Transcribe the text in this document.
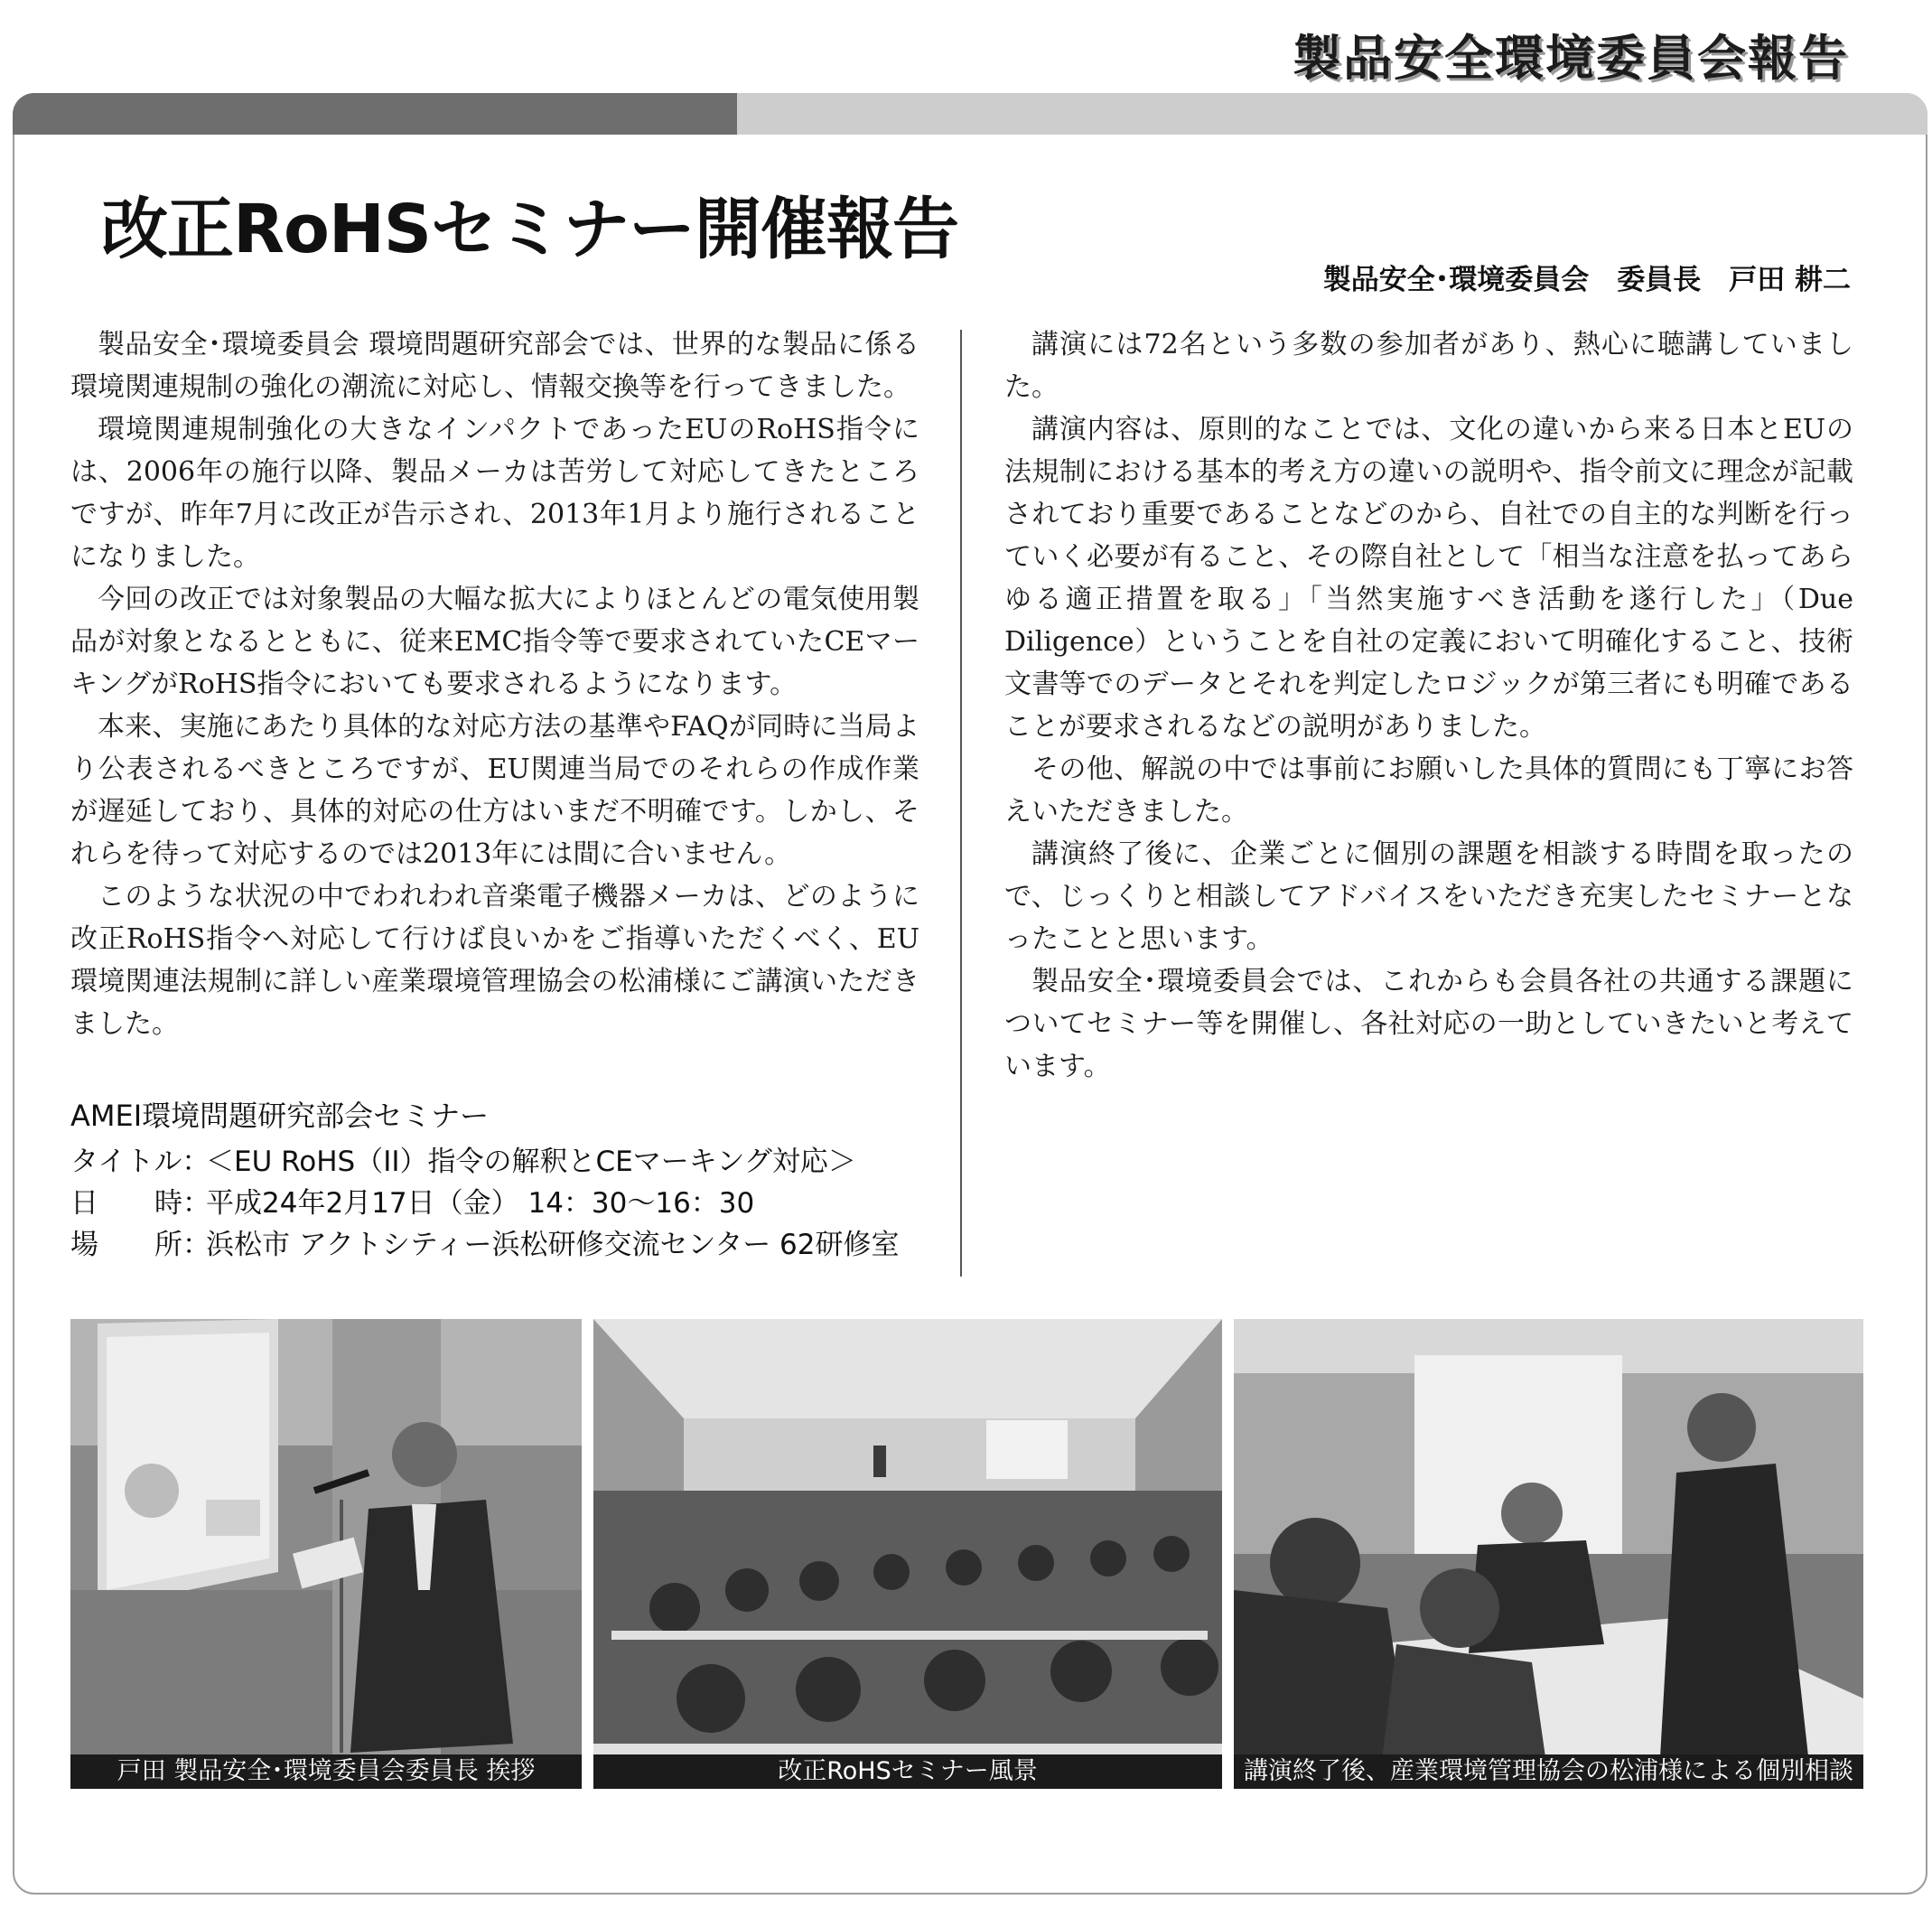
製品安全環境委員会報告
改正RoHSセミナー開催報告
製品安全･環境委員会　委員長　戸田 耕二

製品安全･環境委員会 環境問題研究部会では、世界的な製品に係る環境関連規制の強化の潮流に対応し、情報交換等を行ってきました。

環境関連規制強化の大きなインパクトであったEUのRoHS指令には、2006年の施行以降、製品メーカは苦労して対応してきたところですが、昨年7月に改正が告示され、2013年1月より施行されることになりました。

今回の改正では対象製品の大幅な拡大によりほとんどの電気使用製品が対象となるとともに、従来EMC指令等で要求されていたCEマーキングがRoHS指令においても要求されるようになります。

本来、実施にあたり具体的な対応方法の基準やFAQが同時に当局より公表されるべきところですが、EU関連当局でのそれらの作成作業が遅延しており、具体的対応の仕方はいまだ不明確です。しかし、それらを待って対応するのでは2013年には間に合いません。

このような状況の中でわれわれ音楽電子機器メーカは、どのように改正RoHS指令へ対応して行けば良いかをご指導いただくべく、EU環境関連法規制に詳しい産業環境管理協会の松浦様にご講演いただきました。

講演には72名という多数の参加者があり、熱心に聴講していました。

講演内容は、原則的なことでは、文化の違いから来る日本とEUの法規制における基本的考え方の違いの説明や、指令前文に理念が記載されており重要であることなどのから、自社での自主的な判断を行っていく必要が有ること、その際自社として「相当な注意を払ってあらゆる適正措置を取る」「当然実施すべき活動を遂行した」（Due Diligence）ということを自社の定義において明確化すること、技術文書等でのデータとそれを判定したロジックが第三者にも明確であることが要求されるなどの説明がありました。

その他、解説の中では事前にお願いした具体的質問にも丁寧にお答えいただきました。

講演終了後に、企業ごとに個別の課題を相談する時間を取ったので、じっくりと相談してアドバイスをいただき充実したセミナーとなったことと思います。

製品安全･環境委員会では、これからも会員各社の共通する課題についてセミナー等を開催し、各社対応の一助としていきたいと考えています。

AMEI環境問題研究部会セミナー
タイトル：＜EU RoHS（II）指令の解釈とCEマーキング対応＞
日　　時：平成24年2月17日（金） 14：30～16：30
場　　所：浜松市 アクトシティー浜松研修交流センター 62研修室
戸田 製品安全･環境委員会委員長 挨拶	改正RoHSセミナー風景	講演終了後、産業環境管理協会の松浦様による個別相談
